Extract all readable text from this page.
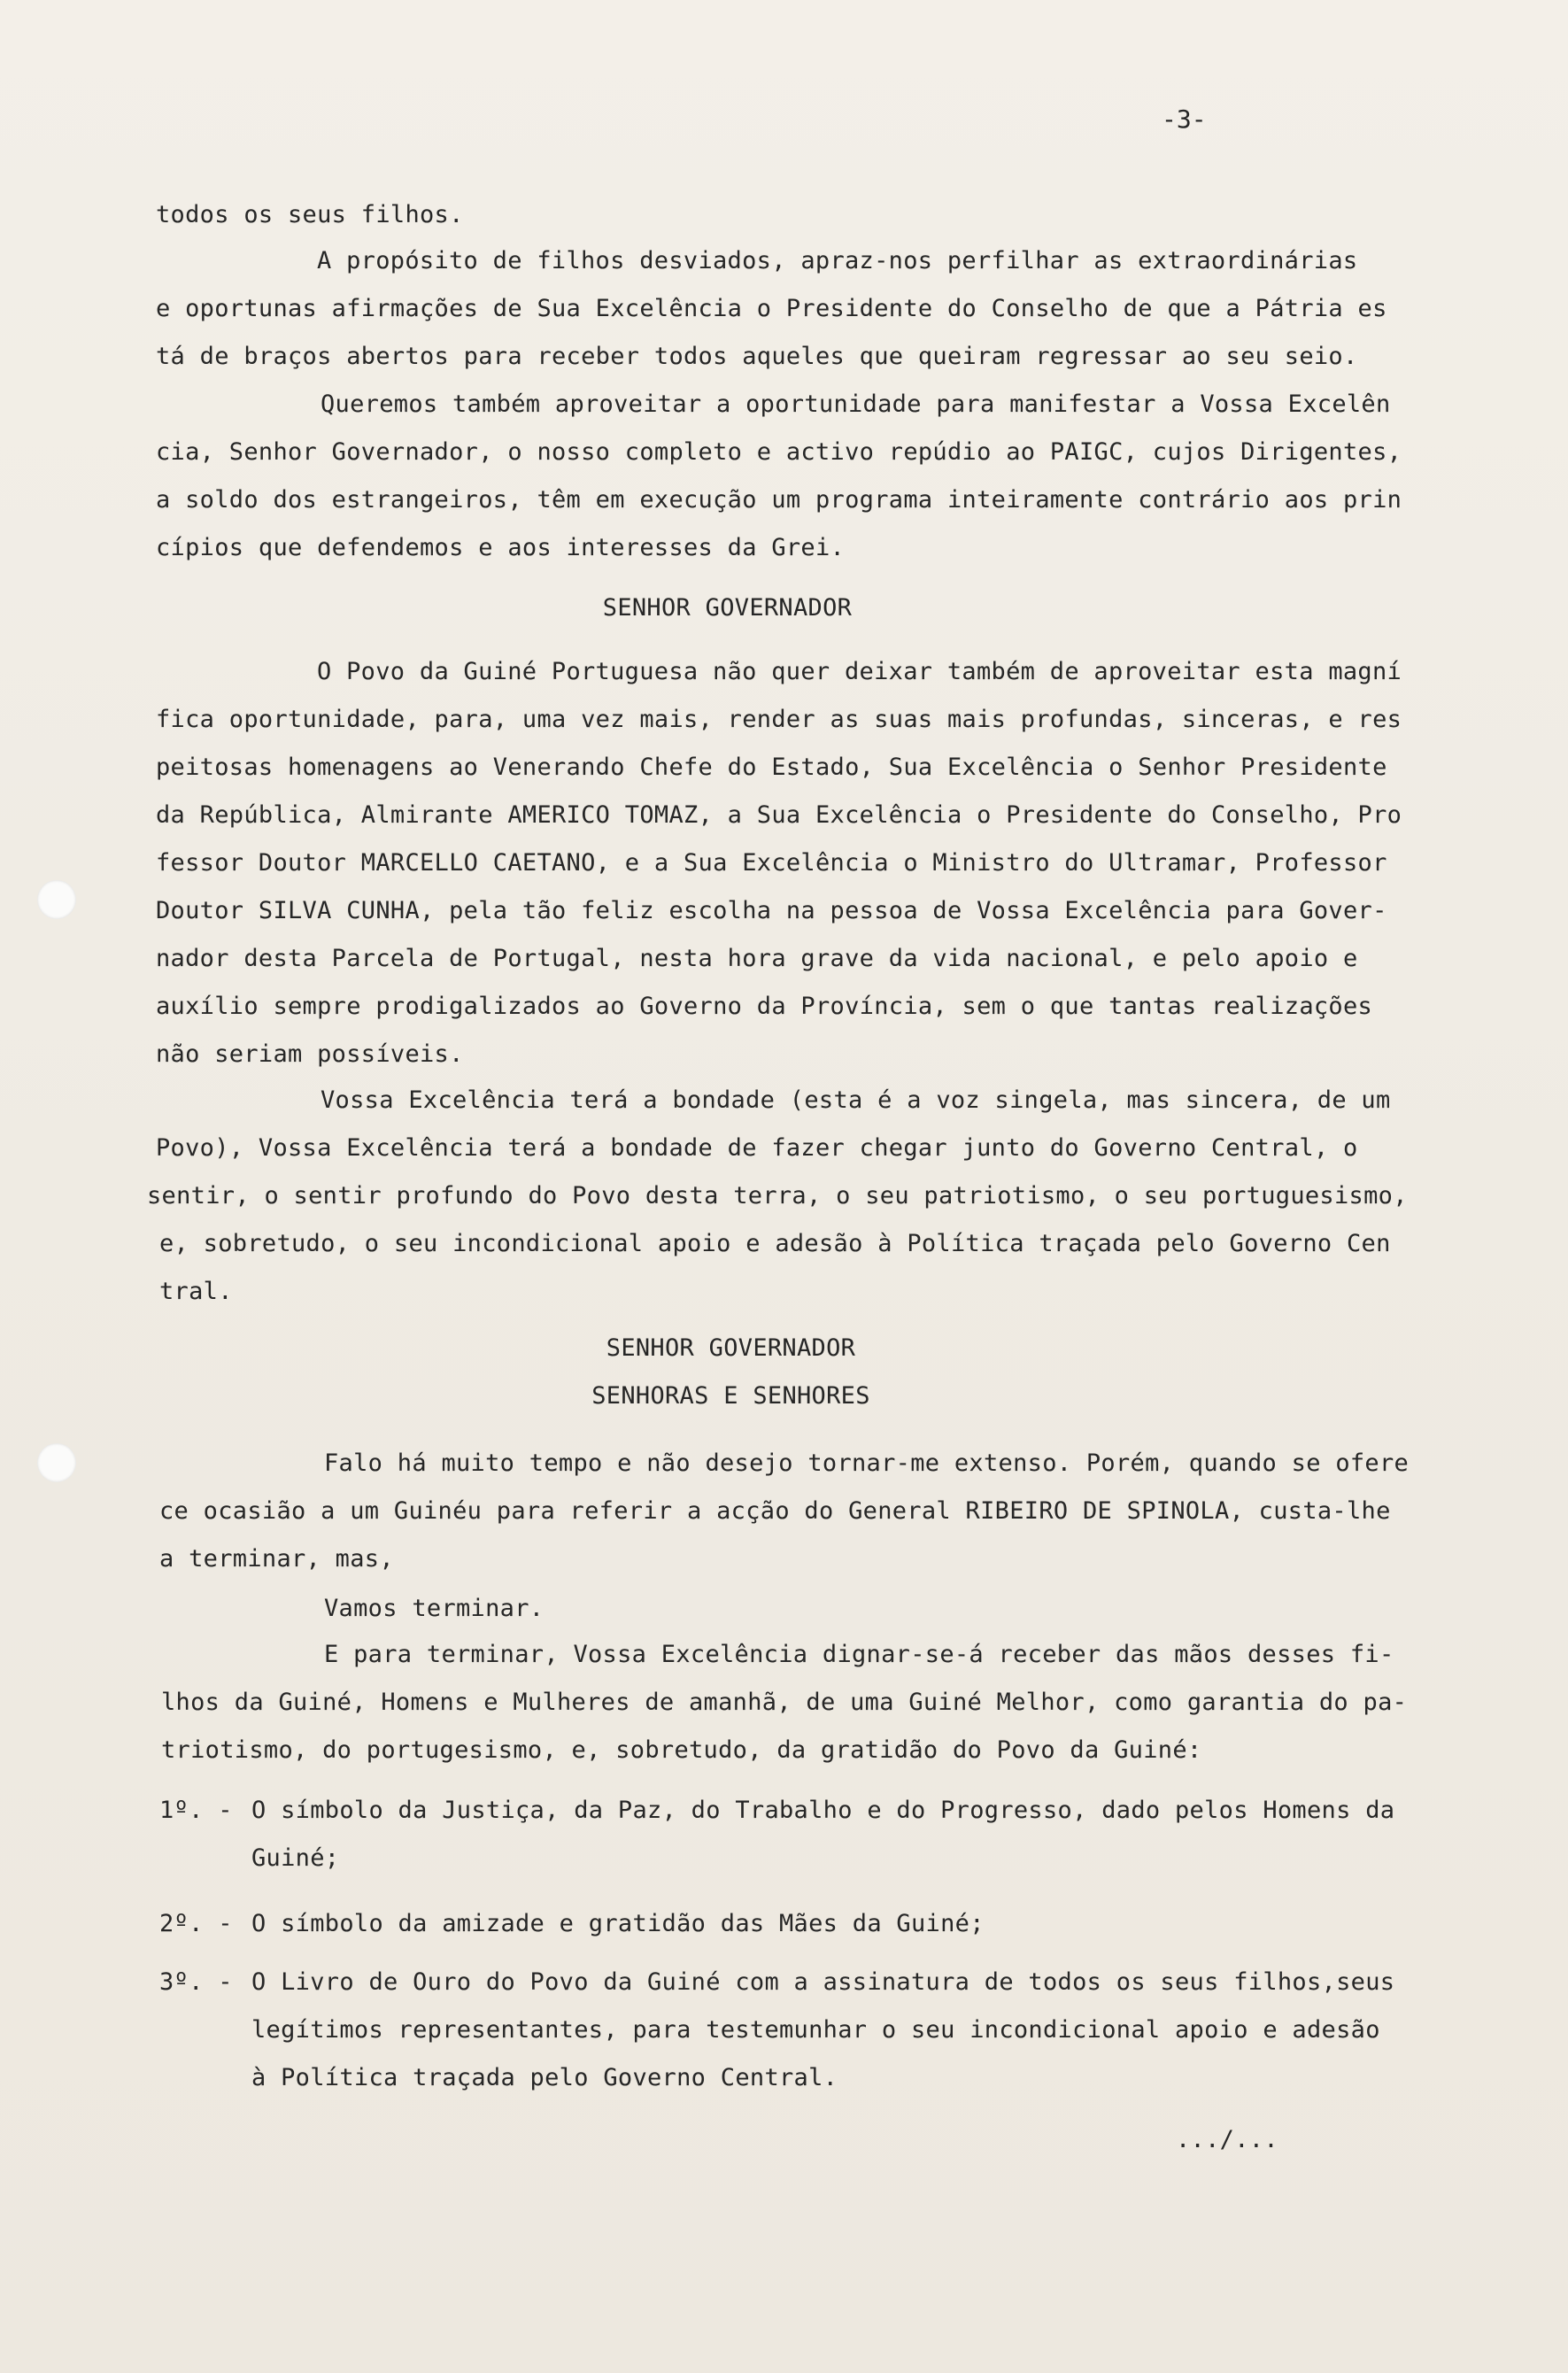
-3-
todos os seus filhos.
A propósito de filhos desviados, apraz-nos perfilhar as extraordinárias
e oportunas afirmações de Sua Excelência o Presidente do Conselho de que a Pátria es
tá de braços abertos para receber todos aqueles que queiram regressar ao seu seio.
Queremos também aproveitar a oportunidade para manifestar a Vossa Excelên
cia, Senhor Governador, o nosso completo e activo repúdio ao PAIGC, cujos Dirigentes,
a soldo dos estrangeiros, têm em execução um programa inteiramente contrário aos prin
cípios que defendemos e aos interesses da Grei.
SENHOR GOVERNADOR
O Povo da Guiné Portuguesa não quer deixar também de aproveitar esta magní
fica oportunidade, para, uma vez mais, render as suas mais profundas, sinceras, e res
peitosas homenagens ao Venerando Chefe do Estado, Sua Excelência o Senhor Presidente
da República, Almirante AMERICO TOMAZ, a Sua Excelência o Presidente do Conselho, Pro
fessor Doutor MARCELLO CAETANO, e a Sua Excelência o Ministro do Ultramar, Professor
Doutor SILVA CUNHA, pela tão feliz escolha na pessoa de Vossa Excelência para Gover-
nador desta Parcela de Portugal, nesta hora grave da vida nacional, e pelo apoio e
auxílio sempre prodigalizados ao Governo da Província, sem o que tantas realizações
não seriam possíveis.
Vossa Excelência terá a bondade (esta é a voz singela, mas sincera, de um
Povo), Vossa Excelência terá a bondade de fazer chegar junto do Governo Central, o
sentir, o sentir profundo do Povo desta terra, o seu patriotismo, o seu portuguesismo,
e, sobretudo, o seu incondicional apoio e adesão à Política traçada pelo Governo Cen
tral.
SENHOR GOVERNADOR
SENHORAS E SENHORES
Falo há muito tempo e não desejo tornar-me extenso. Porém, quando se ofere
ce ocasião a um Guinéu para referir a acção do General RIBEIRO DE SPINOLA, custa-lhe
a terminar, mas,
Vamos terminar.
E para terminar, Vossa Excelência dignar-se-á receber das mãos desses fi-
lhos da Guiné, Homens e Mulheres de amanhã, de uma Guiné Melhor, como garantia do pa-
triotismo, do portugesismo, e, sobretudo, da gratidão do Povo da Guiné:
1º. - O símbolo da Justiça, da Paz, do Trabalho e do Progresso, dado pelos Homens da
Guiné;
2º. - O símbolo da amizade e gratidão das Mães da Guiné;
3º. - O Livro de Ouro do Povo da Guiné com a assinatura de todos os seus filhos,seus
legítimos representantes, para testemunhar o seu incondicional apoio e adesão
à Política traçada pelo Governo Central.
.../...
